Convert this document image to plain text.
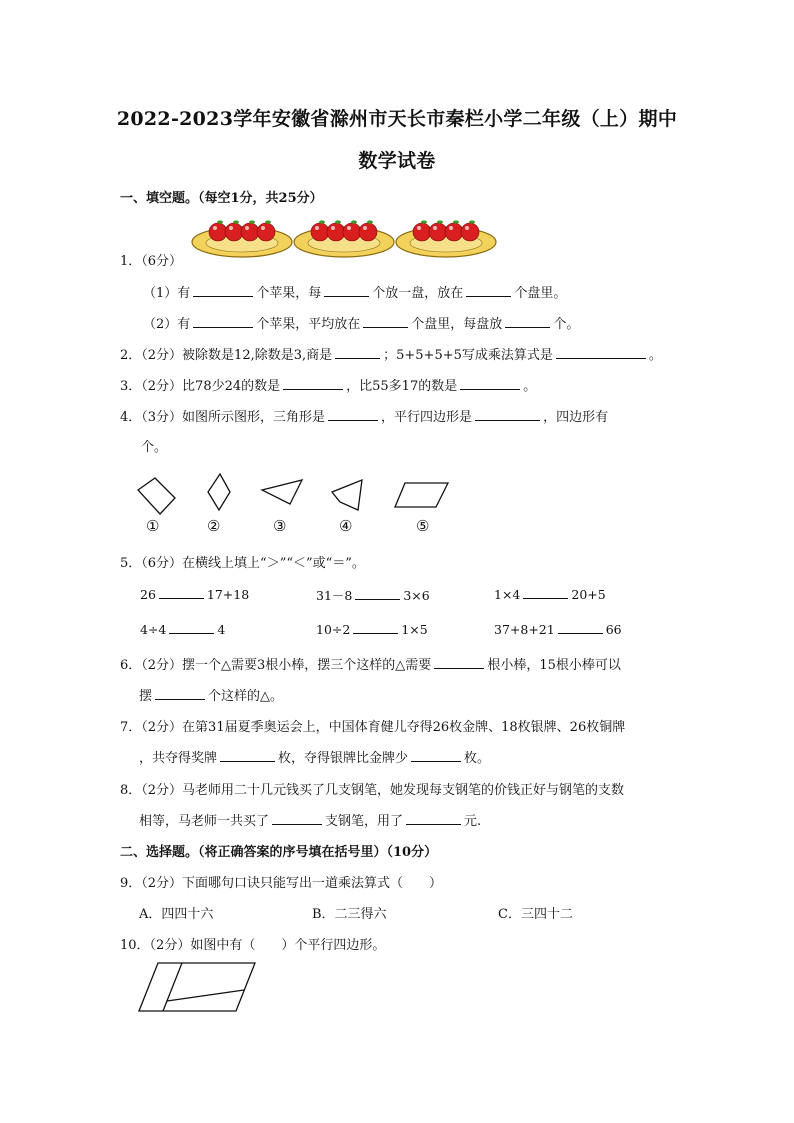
2022-2023学年安徽省滁州市天长市秦栏小学二年级（上）期中
数学试卷
一、填空题。（每空1分，共25分）
1．（6分）
（1）有	个苹果，每	个放一盘，放在	个盘里。
（2）有	个苹果，平均放在	个盘里，每盘放	个。
2．（2分）被除数是12,除数是3,商是	；5+5+5+5写成乘法算式是	。
3．（2分）比78少24的数是	，比55多17的数是	。
4．（3分）如图所示图形，三角形是	，平行四边形是	，四边形有
个。
①	②	③	④	⑤
5．（6分）在横线上填上“＞”“＜”或“＝”。
26	17+18	31－8	3×6	1×4	20+5
4÷4	4	10÷2	1×5	37+8+21	66
6．（2分）摆一个△需要3根小棒，摆三个这样的△需要	根小棒，15根小棒可以
摆	个这样的△。
7．（2分）在第31届夏季奥运会上，中国体育健儿夺得26枚金牌、18枚银牌、26枚铜牌
，共夺得奖牌	枚，夺得银牌比金牌少	枚。
8．（2分）马老师用二十几元钱买了几支钢笔，她发现每支钢笔的价钱正好与钢笔的支数
相等，马老师一共买了	支钢笔，用了	元.
二、选择题。（将正确答案的序号填在括号里）（10分）
9．（2分）下面哪句口诀只能写出一道乘法算式（　　）
A．四四十六	B．二三得六	C．三四十二
10．（2分）如图中有（　　）个平行四边形。
